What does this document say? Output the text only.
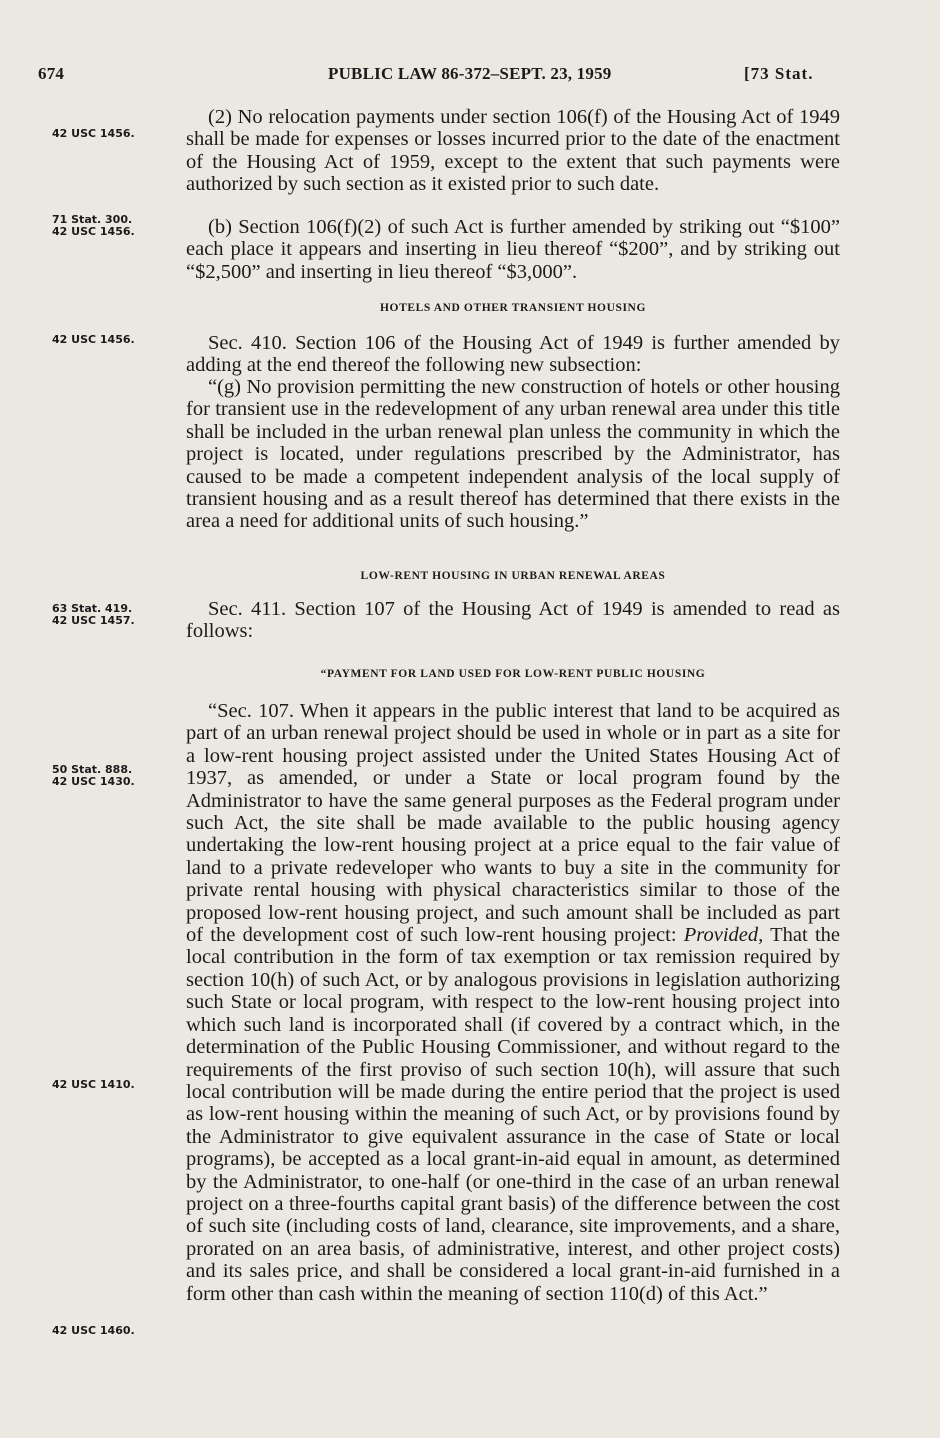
674	PUBLIC LAW 86-372–SEPT. 23, 1959	[73 Stat.
42 USC 1456.
71 Stat. 300.
42 USC 1456.
42 USC 1456.
63 Stat. 419.
42 USC 1457.
50 Stat. 888.
42 USC 1430.
42 USC 1410.
42 USC 1460.
(2) No relocation payments under section 106(f) of the Housing Act of 1949 shall be made for expenses or losses incurred prior to the date of the enactment of the Housing Act of 1959, except to the extent that such payments were authorized by such section as it existed prior to such date.
(b) Section 106(f)(2) of such Act is further amended by striking out “$100” each place it appears and inserting in lieu thereof “$200”, and by striking out “$2,500” and inserting in lieu thereof “$3,000”.
HOTELS AND OTHER TRANSIENT HOUSING
Sec. 410. Section 106 of the Housing Act of 1949 is further amended by adding at the end thereof the following new subsection:
“(g) No provision permitting the new construction of hotels or other housing for transient use in the redevelopment of any urban renewal area under this title shall be included in the urban renewal plan unless the community in which the project is located, under regulations prescribed by the Administrator, has caused to be made a competent independent analysis of the local supply of transient housing and as a result thereof has determined that there exists in the area a need for additional units of such housing.”
LOW-RENT HOUSING IN URBAN RENEWAL AREAS
Sec. 411. Section 107 of the Housing Act of 1949 is amended to read as follows:
“PAYMENT FOR LAND USED FOR LOW-RENT PUBLIC HOUSING
“Sec. 107. When it appears in the public interest that land to be acquired as part of an urban renewal project should be used in whole or in part as a site for a low-rent housing project assisted under the United States Housing Act of 1937, as amended, or under a State or local program found by the Administrator to have the same general purposes as the Federal program under such Act, the site shall be made available to the public housing agency undertaking the low-rent housing project at a price equal to the fair value of land to a private redeveloper who wants to buy a site in the community for private rental housing with physical characteristics similar to those of the proposed low-rent housing project, and such amount shall be included as part of the development cost of such low-rent housing project: Provided, That the local contribution in the form of tax exemption or tax remission required by section 10(h) of such Act, or by analogous provisions in legislation authorizing such State or local program, with respect to the low-rent housing project into which such land is incorporated shall (if covered by a contract which, in the determination of the Public Housing Commissioner, and without regard to the requirements of the first proviso of such section 10(h), will assure that such local contribution will be made during the entire period that the project is used as low-rent housing within the meaning of such Act, or by provisions found by the Administrator to give equivalent assurance in the case of State or local programs), be accepted as a local grant-in-aid equal in amount, as determined by the Administrator, to one-half (or one-third in the case of an urban renewal project on a three-fourths capital grant basis) of the difference between the cost of such site (including costs of land, clearance, site improvements, and a share, prorated on an area basis, of administrative, interest, and other project costs) and its sales price, and shall be considered a local grant-in-aid furnished in a form other than cash within the meaning of section 110(d) of this Act.”
